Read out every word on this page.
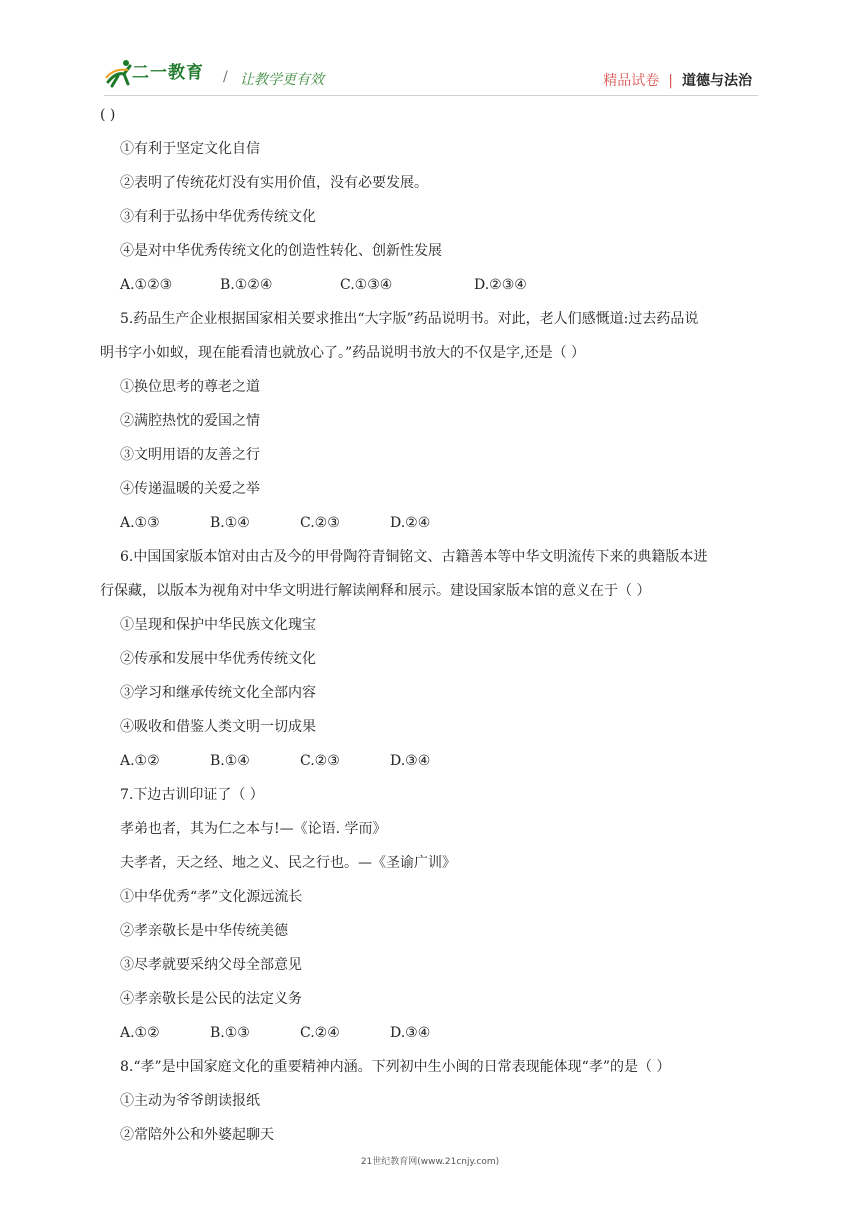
二一教育 / 让教学更有效	精品试卷 | 道德与法治
( )
①有利于坚定文化自信
②表明了传统花灯没有实用价值，没有必要发展。
③有利于弘扬中华优秀传统文化
④是对中华优秀传统文化的创造性转化、创新性发展
A.①②③	B.①②④	C.①③④	D.②③④
5.药品生产企业根据国家相关要求推出“大字版”药品说明书。对此，老人们感慨道:过去药品说
明书字小如蚁，现在能看清也就放心了。”药品说明书放大的不仅是字,还是（ ）
①换位思考的尊老之道
②满腔热忱的爱国之情
③文明用语的友善之行
④传递温暖的关爱之举
A.①③	B.①④	C.②③	D.②④
6.中国国家版本馆对由古及今的甲骨陶符青铜铭文、古籍善本等中华文明流传下来的典籍版本进
行保藏，以版本为视角对中华文明进行解读阐释和展示。建设国家版本馆的意义在于（ ）
①呈现和保护中华民族文化瑰宝
②传承和发展中华优秀传统文化
③学习和继承传统文化全部内容
④吸收和借鉴人类文明一切成果
A.①②	B.①④	C.②③	D.③④
7.下边古训印证了（ ）
孝弟也者，其为仁之本与!—《论语. 学而》
夫孝者，天之经、地之义、民之行也。—《圣谕广训》
①中华优秀“孝”文化源远流长
②孝亲敬长是中华传统美德
③尽孝就要采纳父母全部意见
④孝亲敬长是公民的法定义务
A.①②	B.①③	C.②④	D.③④
8.“孝”是中国家庭文化的重要精神内涵。下列初中生小闽的日常表现能体现“孝”的是（ ）
①主动为爷爷朗读报纸
②常陪外公和外婆起聊天
21世纪教育网(www.21cnjy.com)
